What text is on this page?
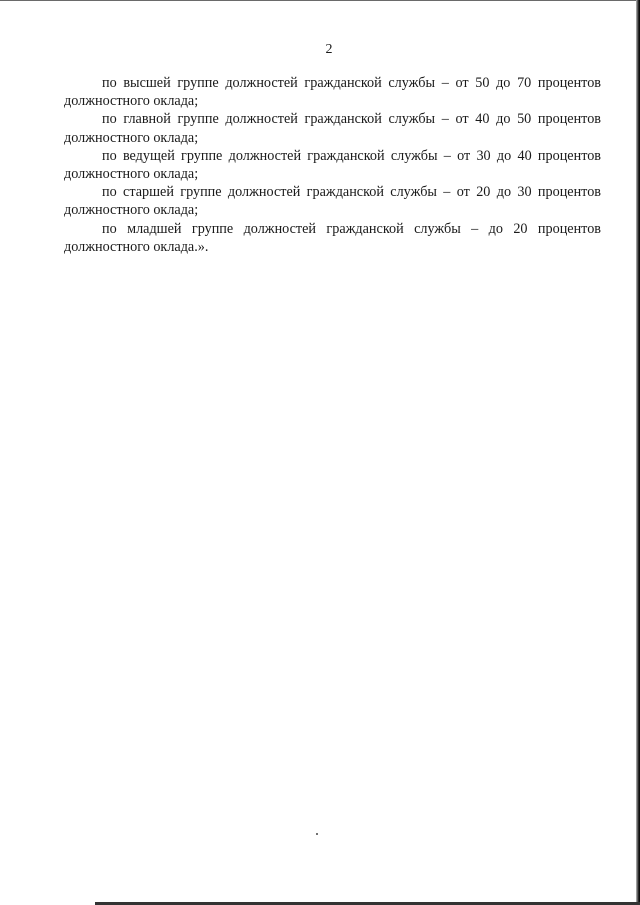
2

по высшей группе должностей гражданской службы – от 50 до 70 процентов должностного оклада;

по главной группе должностей гражданской службы – от 40 до 50 процентов должностного оклада;

по ведущей группе должностей гражданской службы – от 30 до 40 процентов должностного оклада;

по старшей группе должностей гражданской службы – от 20 до 30 процентов должностного оклада;

по младшей группе должностей гражданской службы – до 20 процентов должностного оклада.».
